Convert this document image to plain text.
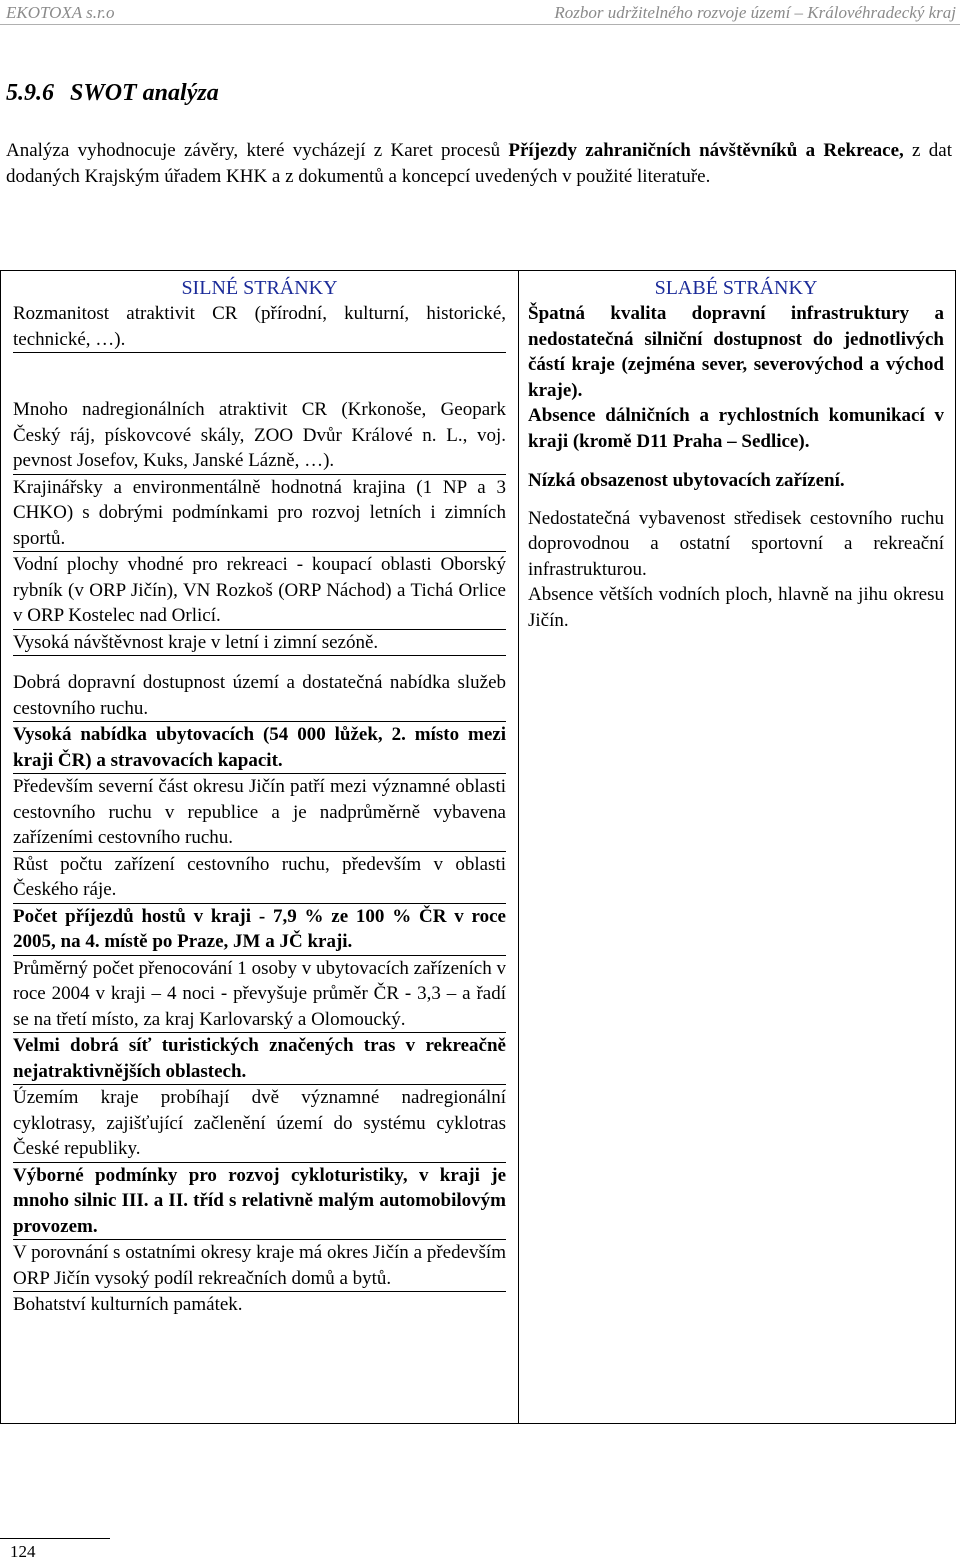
EKOTOXA s.r.o	Rozbor udržitelného rozvoje území – Královéhradecký kraj
5.9.6 SWOT analýza

Analýza vyhodnocuje závěry, které vycházejí z Karet procesů Příjezdy zahraničních návštěvníků a Rekreace, z dat dodaných Krajským úřadem KHK a z dokumentů a koncepcí uvedených v použité literatuře.

SILNÉ STRÁNKY
Rozmanitost atraktivit CR (přírodní, kulturní, historické, technické, …).
Mnoho nadregionálních atraktivit CR (Krkonoše, Geopark Český ráj, pískovcové skály, ZOO Dvůr Králové n. L., voj. pevnost Josefov, Kuks, Janské Lázně, …).
Krajinářsky a environmentálně hodnotná krajina (1 NP a 3 CHKO) s dobrými podmínkami pro rozvoj letních i zimních sportů.
Vodní plochy vhodné pro rekreaci - koupací oblasti Oborský rybník (v ORP Jičín), VN Rozkoš (ORP Náchod) a Tichá Orlice v ORP Kostelec nad Orlicí.
Vysoká návštěvnost kraje v letní i zimní sezóně.
Dobrá dopravní dostupnost území a dostatečná nabídka služeb cestovního ruchu.
Vysoká nabídka ubytovacích (54 000 lůžek, 2. místo mezi kraji ČR) a stravovacích kapacit.
Především severní část okresu Jičín patří mezi významné oblasti cestovního ruchu v republice a je nadprůměrně vybavena zařízeními cestovního ruchu.
Růst počtu zařízení cestovního ruchu, především v oblasti Českého ráje.
Počet příjezdů hostů v kraji - 7,9 % ze 100 % ČR v roce 2005, na 4. místě po Praze, JM a JČ kraji.
Průměrný počet přenocování 1 osoby v ubytovacích zařízeních v roce 2004 v kraji – 4 noci - převyšuje průměr ČR - 3,3 – a řadí se na třetí místo, za kraj Karlovarský a Olomoucký.
Velmi dobrá síť turistických značených tras v rekreačně nejatraktivnějších oblastech.
Územím kraje probíhají dvě významné nadregionální cyklotrasy, zajišťující začlenění území do systému cyklotras České republiky.
Výborné podmínky pro rozvoj cykloturistiky, v kraji je mnoho silnic III. a II. tříd s relativně malým automobilovým provozem.
V porovnání s ostatními okresy kraje má okres Jičín a především ORP Jičín vysoký podíl rekreačních domů a bytů.
Bohatství kulturních památek.
SLABÉ STRÁNKY
Špatná kvalita dopravní infrastruktury a nedostatečná silniční dostupnost do jednotlivých částí kraje (zejména sever, severovýchod a východ kraje).
Absence dálničních a rychlostních komunikací v kraji (kromě D11 Praha – Sedlice).
Nízká obsazenost ubytovacích zařízení.
Nedostatečná vybavenost středisek cestovního ruchu doprovodnou a ostatní sportovní a rekreační infrastrukturou.
Absence větších vodních ploch, hlavně na jihu okresu Jičín.
124
